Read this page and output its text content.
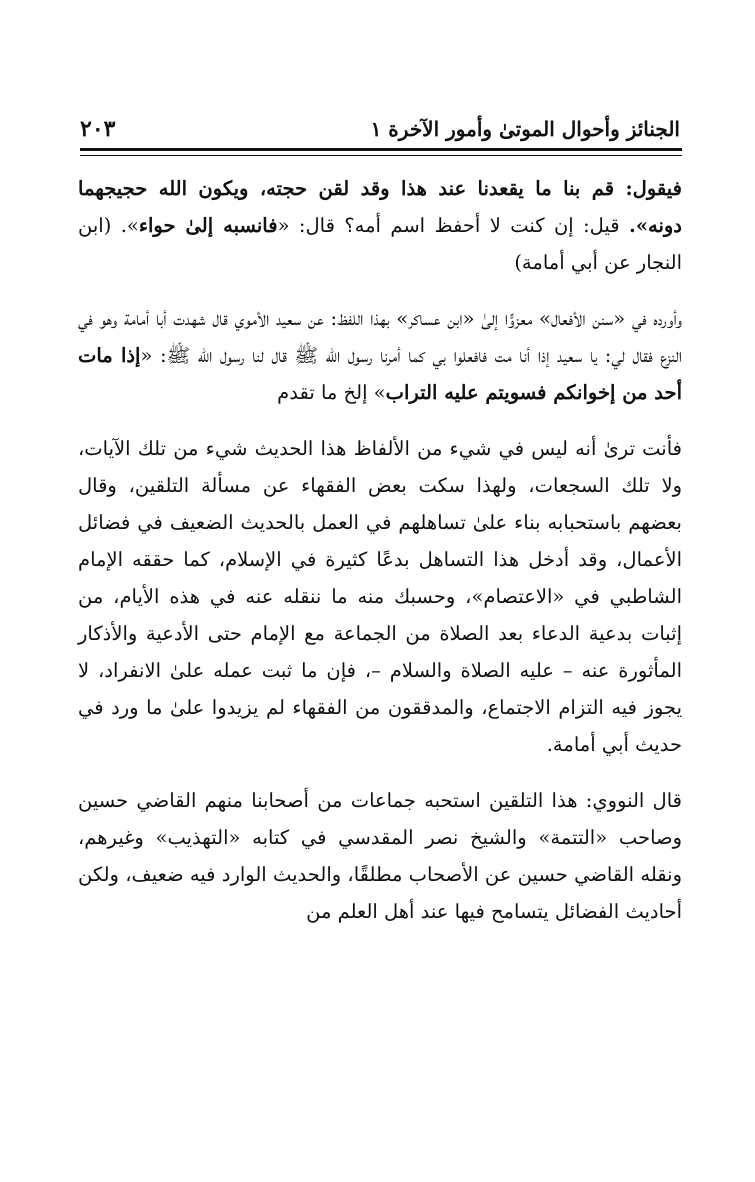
الجنائز وأحوال الموتىٰ وأمور الآخرة ١
٢٠٣

فيقول: قم بنا ما يقعدنا عند هذا وقد لقن حجته، ويكون الله حجيجهما دونه». قيل: إن كنت لا أحفظ اسم أمه؟ قال: «فانسبه إلىٰ حواء». (ابن النجار عن أبي أمامة)

وأورده في «سنن الأفعال» معزوًّا إلىٰ «ابن عساكر» بهذا اللفظ: عن سعيد الأموي قال شهدت أبا أمامة وهو في النزع فقال لي: يا سعيد إذا أنا مت فافعلوا بي كما أمرنا رسول الله ﷺ قال لنا رسول الله ﷺ: «إذا مات أحد من إخوانكم فسويتم عليه التراب» إلخ ما تقدم

فأنت ترىٰ أنه ليس في شيء من الألفاظ هذا الحديث شيء من تلك الآيات، ولا تلك السجعات، ولهذا سكت بعض الفقهاء عن مسألة التلقين، وقال بعضهم باستحبابه بناء علىٰ تساهلهم في العمل بالحديث الضعيف في فضائل الأعمال، وقد أدخل هذا التساهل بدعًا كثيرة في الإسلام، كما حققه الإمام الشاطبي في «الاعتصام»، وحسبك منه ما ننقله عنه في هذه الأيام، من إثبات بدعية الدعاء بعد الصلاة من الجماعة مع الإمام حتى الأدعية والأذكار المأثورة عنه – عليه الصلاة والسلام –، فإن ما ثبت عمله علىٰ الانفراد، لا يجوز فيه التزام الاجتماع، والمدققون من الفقهاء لم يزيدوا علىٰ ما ورد في حديث أبي أمامة.

قال النووي: هذا التلقين استحبه جماعات من أصحابنا منهم القاضي حسين وصاحب «التتمة» والشيخ نصر المقدسي في كتابه «التهذيب» وغيرهم، ونقله القاضي حسين عن الأصحاب مطلقًا، والحديث الوارد فيه ضعيف، ولكن أحاديث الفضائل يتسامح فيها عند أهل العلم من
